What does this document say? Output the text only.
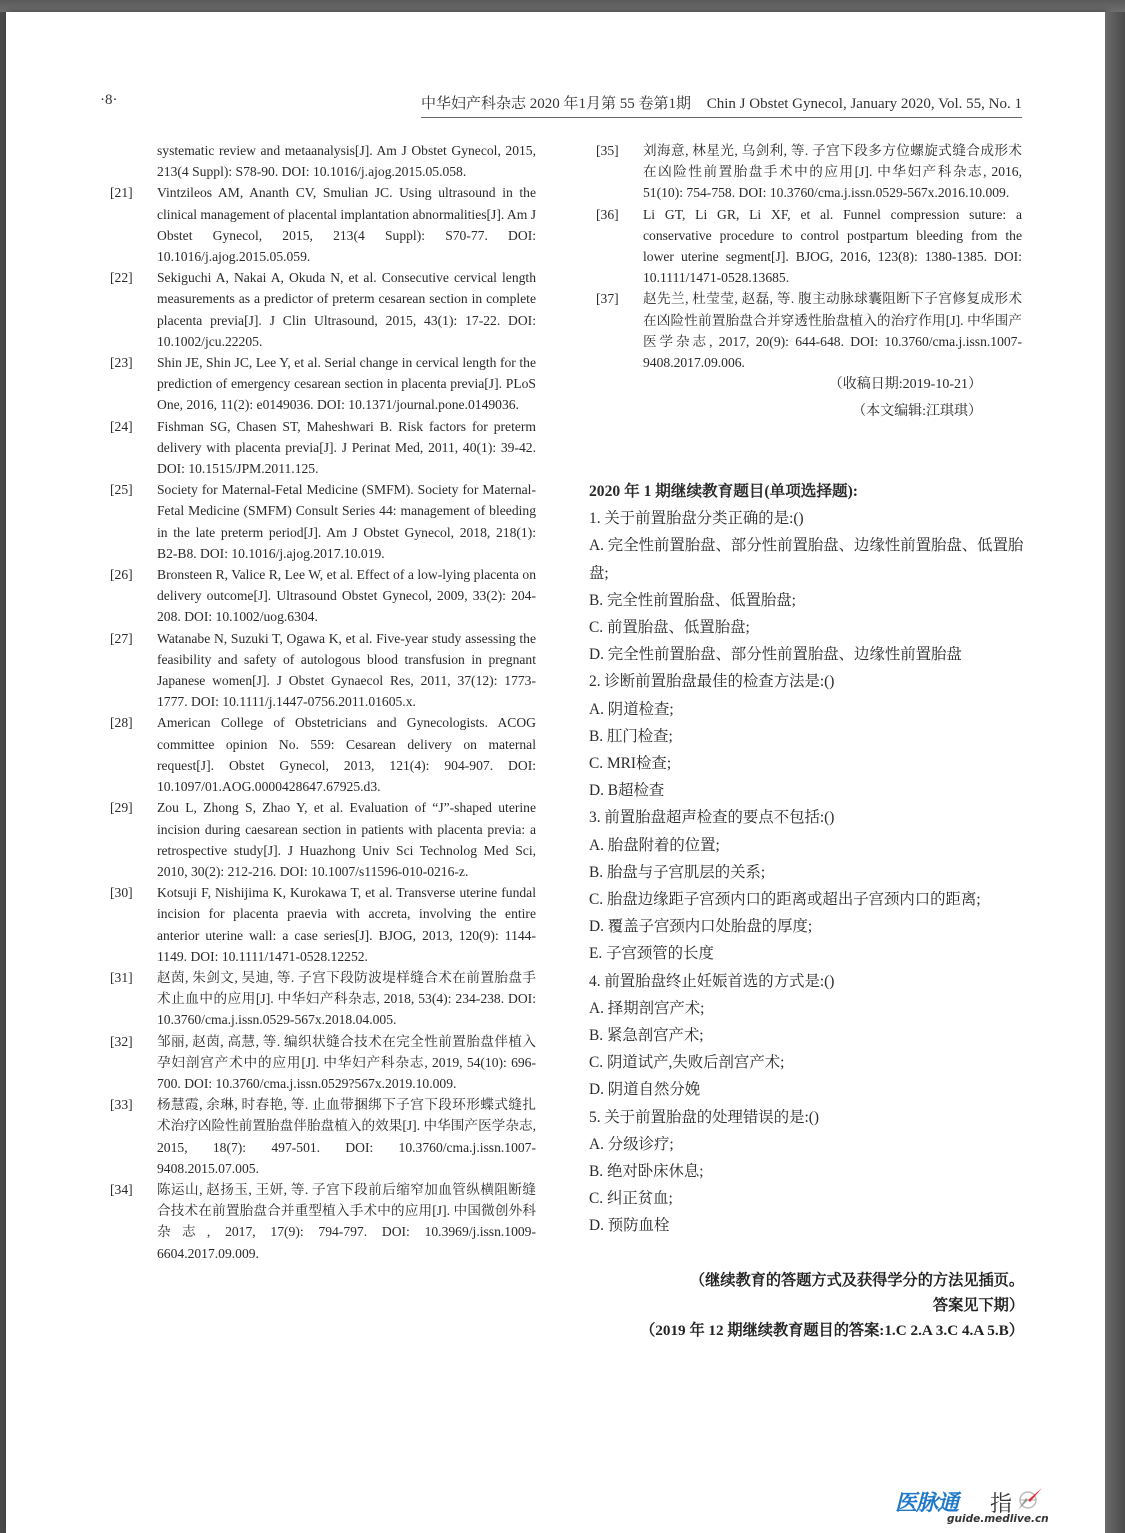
·8·	中华妇产科杂志 2020 年1月第 55 卷第1期 Chin J Obstet Gynecol, January 2020, Vol. 55, No. 1
systematic review and metaanalysis[J]. Am J Obstet Gynecol, 2015, 213(4 Suppl): S78-90. DOI: 10.1016/j.ajog.2015.05.058.
[21] Vintzileos AM, Ananth CV, Smulian JC. Using ultrasound in the clinical management of placental implantation abnormalities[J]. Am J Obstet Gynecol, 2015, 213(4 Suppl): S70-77. DOI: 10.1016/j.ajog.2015.05.059.
[22] Sekiguchi A, Nakai A, Okuda N, et al. Consecutive cervical length measurements as a predictor of preterm cesarean section in complete placenta previa[J]. J Clin Ultrasound, 2015, 43(1): 17-22. DOI: 10.1002/jcu.22205.
[23] Shin JE, Shin JC, Lee Y, et al. Serial change in cervical length for the prediction of emergency cesarean section in placenta previa[J]. PLoS One, 2016, 11(2): e0149036. DOI: 10.1371/journal.pone.0149036.
[24] Fishman SG, Chasen ST, Maheshwari B. Risk factors for preterm delivery with placenta previa[J]. J Perinat Med, 2011, 40(1): 39-42. DOI: 10.1515/JPM.2011.125.
[25] Society for Maternal-Fetal Medicine (SMFM). Society for Maternal-Fetal Medicine (SMFM) Consult Series 44: management of bleeding in the late preterm period[J]. Am J Obstet Gynecol, 2018, 218(1): B2-B8. DOI: 10.1016/j.ajog.2017.10.019.
[26] Bronsteen R, Valice R, Lee W, et al. Effect of a low-lying placenta on delivery outcome[J]. Ultrasound Obstet Gynecol, 2009, 33(2): 204-208. DOI: 10.1002/uog.6304.
[27] Watanabe N, Suzuki T, Ogawa K, et al. Five-year study assessing the feasibility and safety of autologous blood transfusion in pregnant Japanese women[J]. J Obstet Gynaecol Res, 2011, 37(12): 1773-1777. DOI: 10.1111/j.1447-0756.2011.01605.x.
[28] American College of Obstetricians and Gynecologists. ACOG committee opinion No. 559: Cesarean delivery on maternal request[J]. Obstet Gynecol, 2013, 121(4): 904-907. DOI: 10.1097/01.AOG.0000428647.67925.d3.
[29] Zou L, Zhong S, Zhao Y, et al. Evaluation of “J”-shaped uterine incision during caesarean section in patients with placenta previa: a retrospective study[J]. J Huazhong Univ Sci Technolog Med Sci, 2010, 30(2): 212-216. DOI: 10.1007/s11596-010-0216-z.
[30] Kotsuji F, Nishijima K, Kurokawa T, et al. Transverse uterine fundal incision for placenta praevia with accreta, involving the entire anterior uterine wall: a case series[J]. BJOG, 2013, 120(9): 1144-1149. DOI: 10.1111/1471-0528.12252.
[31] 赵茵, 朱剑文, 吴迪, 等. 子宫下段防波堤样缝合术在前置胎盘手术止血中的应用[J]. 中华妇产科杂志, 2018, 53(4): 234-238. DOI: 10.3760/cma.j.issn.0529-567x.2018.04.005.
[32] 邹丽, 赵茵, 高慧, 等. 编织状缝合技术在完全性前置胎盘伴植入孕妇剖宫产术中的应用[J]. 中华妇产科杂志, 2019, 54(10): 696-700. DOI: 10.3760/cma.j.issn.0529?567x.2019.10.009.
[33] 杨慧霞, 余琳, 时春艳, 等. 止血带捆绑下子宫下段环形蝶式缝扎术治疗凶险性前置胎盘伴胎盘植入的效果[J]. 中华围产医学杂志, 2015, 18(7): 497-501. DOI: 10.3760/cma.j.issn.1007-9408.2015.07.005.
[34] 陈运山, 赵扬玉, 王妍, 等. 子宫下段前后缩窄加血管纵横阻断缝合技术在前置胎盘合并重型植入手术中的应用[J]. 中国微创外科杂志, 2017, 17(9): 794-797. DOI: 10.3969/j.issn.1009-6604.2017.09.009.
[35] 刘海意, 林星光, 乌剑利, 等. 子宫下段多方位螺旋式缝合成形术在凶险性前置胎盘手术中的应用[J]. 中华妇产科杂志, 2016, 51(10): 754-758. DOI: 10.3760/cma.j.issn.0529-567x.2016.10.009.
[36] Li GT, Li GR, Li XF, et al. Funnel compression suture: a conservative procedure to control postpartum bleeding from the lower uterine segment[J]. BJOG, 2016, 123(8): 1380-1385. DOI: 10.1111/1471-0528.13685.
[37] 赵先兰, 杜莹莹, 赵磊, 等. 腹主动脉球囊阻断下子宫修复成形术在凶险性前置胎盘合并穿透性胎盘植入的治疗作用[J]. 中华围产医学杂志, 2017, 20(9): 644-648. DOI: 10.3760/cma.j.issn.1007-9408.2017.09.006.
（收稿日期:2019-10-21）
（本文编辑:江琪琪）
2020 年 1 期继续教育题目(单项选择题):
1. 关于前置胎盘分类正确的是:()
A. 完全性前置胎盘、部分性前置胎盘、边缘性前置胎盘、低置胎盘;
B. 完全性前置胎盘、低置胎盘;
C. 前置胎盘、低置胎盘;
D. 完全性前置胎盘、部分性前置胎盘、边缘性前置胎盘
2. 诊断前置胎盘最佳的检查方法是:()
A. 阴道检查;
B. 肛门检查;
C. MRI检查;
D. B超检查
3. 前置胎盘超声检查的要点不包括:()
A. 胎盘附着的位置;
B. 胎盘与子宫肌层的关系;
C. 胎盘边缘距子宫颈内口的距离或超出子宫颈内口的距离;
D. 覆盖子宫颈内口处胎盘的厚度;
E. 子宫颈管的长度
4. 前置胎盘终止妊娠首选的方式是:()
A. 择期剖宫产术;
B. 紧急剖宫产术;
C. 阴道试产,失败后剖宫产术;
D. 阴道自然分娩
5. 关于前置胎盘的处理错误的是:()
A. 分级诊疗;
B. 绝对卧床休息;
C. 纠正贫血;
D. 预防血栓
（继续教育的答题方式及获得学分的方法见插页。
答案见下期）
（2019 年 12 期继续教育题目的答案:1.C 2.A 3.C 4.A 5.B）
医脉通 指
guide.medlive.cn
